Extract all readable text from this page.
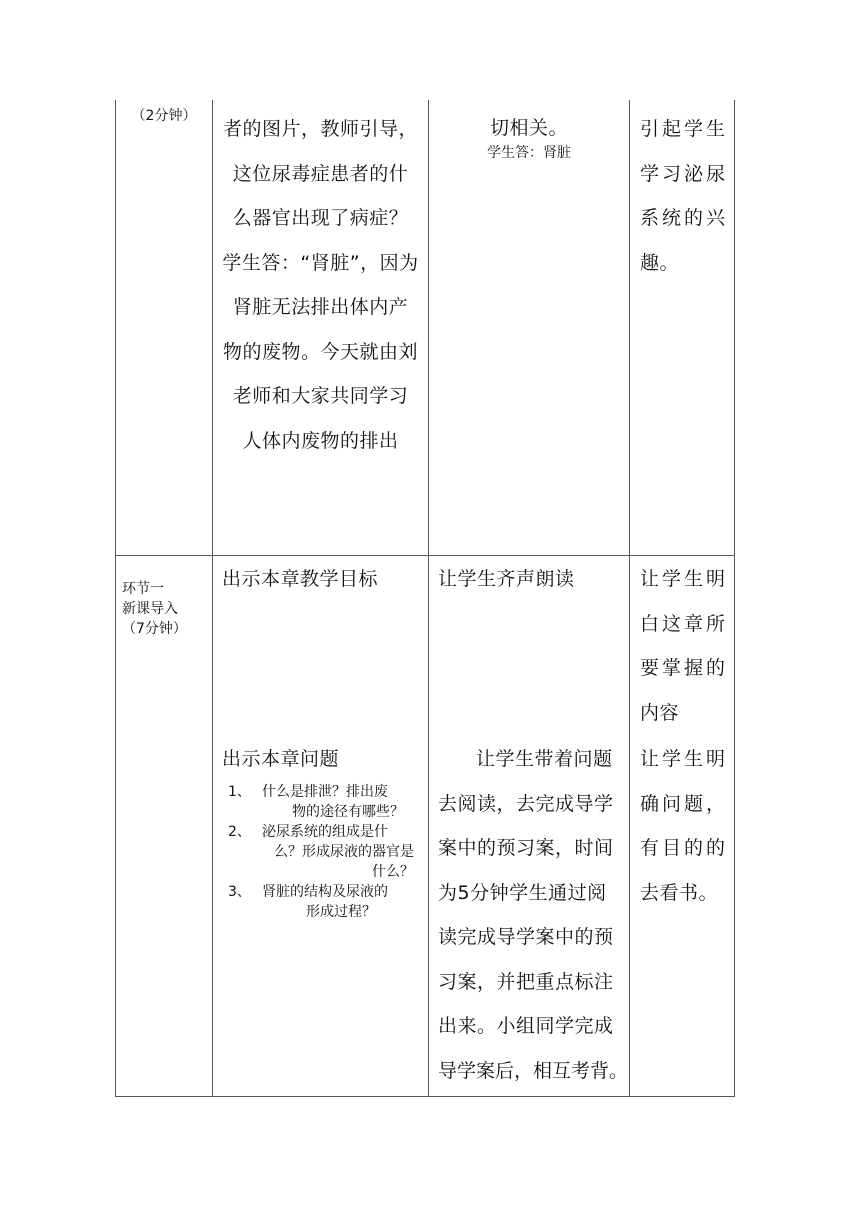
（2分钟）
者的图片，教师引导，
这位尿毒症患者的什
么器官出现了病症？
学生答：“肾脏”，因为
肾脏无法排出体内产
物的废物。今天就由刘
老师和大家共同学习
人体内废物的排出
切相关。
学生答：肾脏
引起学生
学习泌尿
系统的兴
趣。
环节一
新课导入
（7分钟）
出示本章教学目标
出示本章问题
1、 什么是排泄？排出废
物的途径有哪些？
2、 泌尿系统的组成是什
么？形成尿液的器官是什么？
3、 肾脏的结构及尿液的
形成过程？
让学生齐声朗读
让学生带着问题
去阅读，去完成导学
案中的预习案，时间
为5分钟学生通过阅
读完成导学案中的预
习案，并把重点标注
出来。小组同学完成
导学案后，相互考背。
让学生明
白这章所
要掌握的
内容
让学生明
确问题，
有目的的
去看书。
